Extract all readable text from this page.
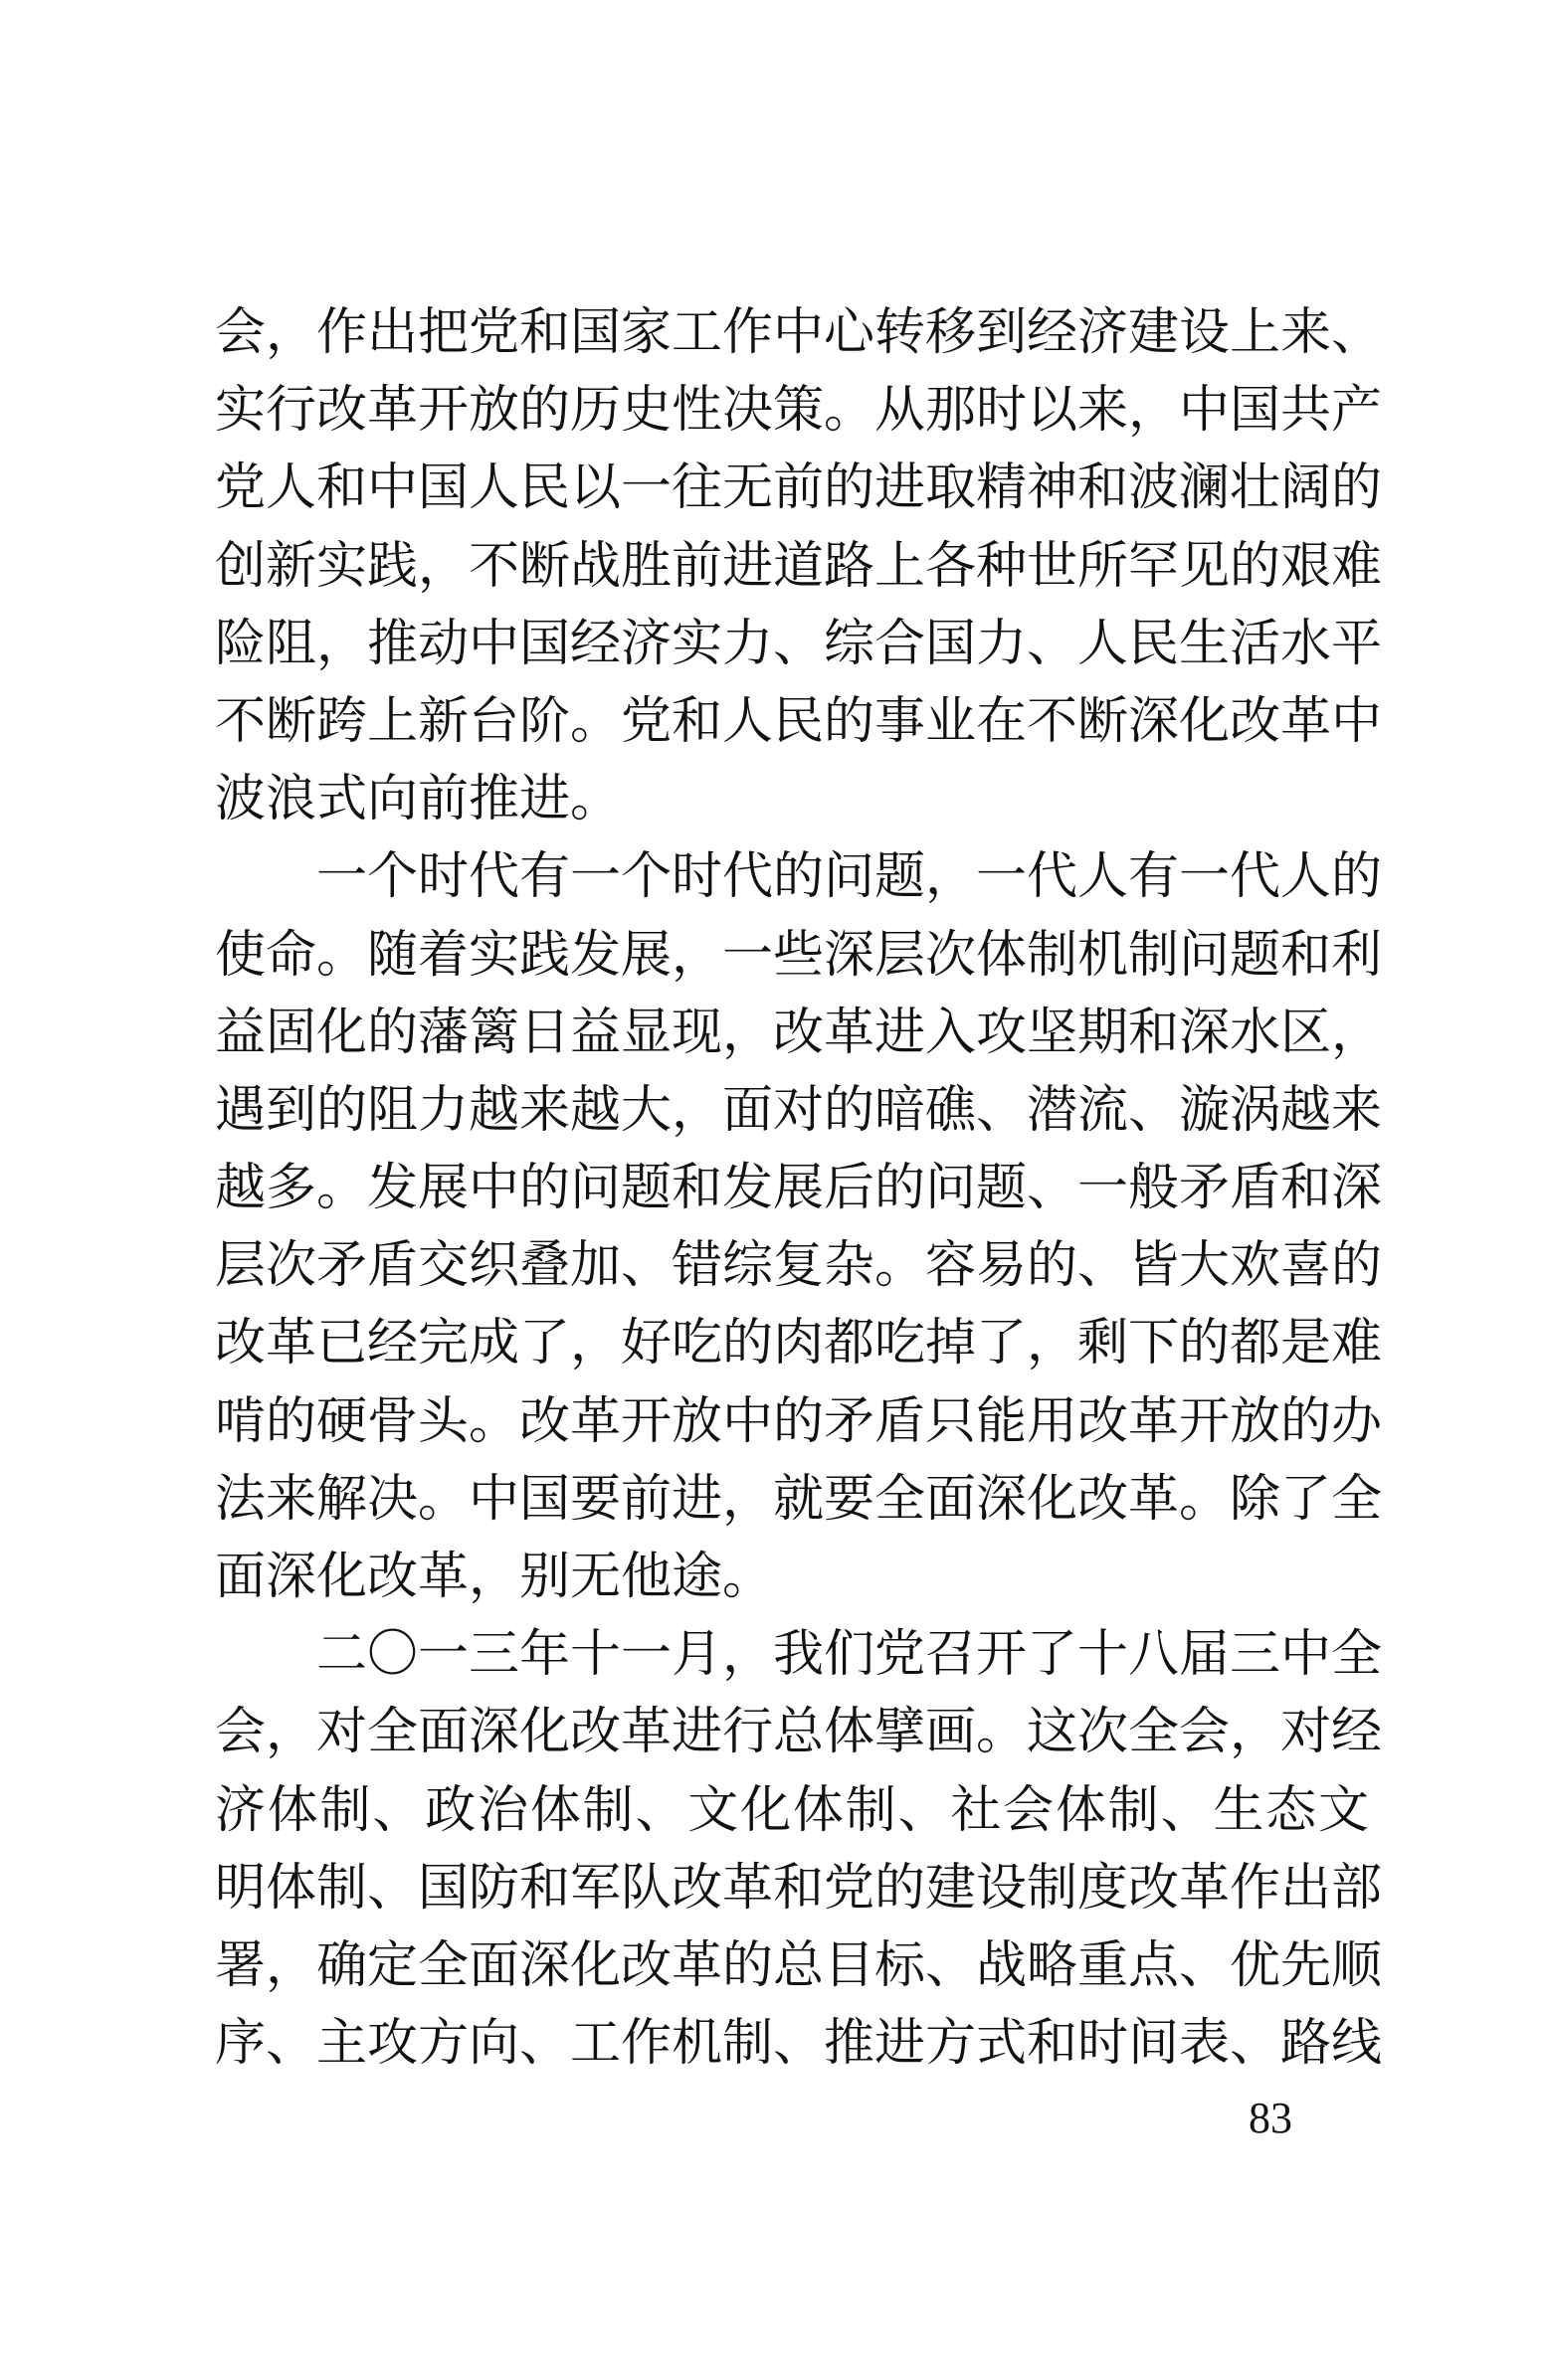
会，作出把党和国家工作中心转移到经济建设上来、
实行改革开放的历史性决策。从那时以来，中国共产
党人和中国人民以一往无前的进取精神和波澜壮阔的
创新实践，不断战胜前进道路上各种世所罕见的艰难
险阻，推动中国经济实力、综合国力、人民生活水平
不断跨上新台阶。党和人民的事业在不断深化改革中
波浪式向前推进。
　　一个时代有一个时代的问题，一代人有一代人的
使命。随着实践发展，一些深层次体制机制问题和利
益固化的藩篱日益显现，改革进入攻坚期和深水区，
遇到的阻力越来越大，面对的暗礁、潜流、漩涡越来
越多。发展中的问题和发展后的问题、一般矛盾和深
层次矛盾交织叠加、错综复杂。容易的、皆大欢喜的
改革已经完成了，好吃的肉都吃掉了，剩下的都是难
啃的硬骨头。改革开放中的矛盾只能用改革开放的办
法来解决。中国要前进，就要全面深化改革。除了全
面深化改革，别无他途。
　　二〇一三年十一月，我们党召开了十八届三中全
会，对全面深化改革进行总体擘画。这次全会，对经
济体制、政治体制、文化体制、社会体制、生态文
明体制、国防和军队改革和党的建设制度改革作出部
署，确定全面深化改革的总目标、战略重点、优先顺
序、主攻方向、工作机制、推进方式和时间表、路线
83
